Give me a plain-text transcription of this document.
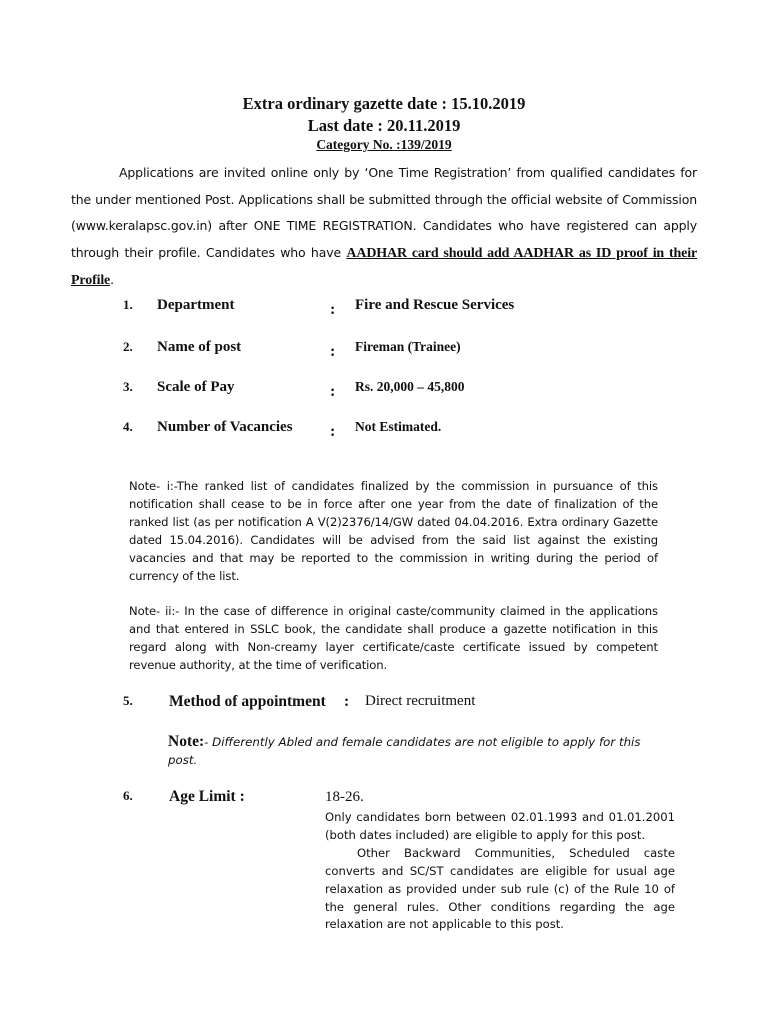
Extra ordinary gazette date : 15.10.2019
Last date : 20.11.2019
Category No. :139/2019
Applications are invited online only by ‘One Time Registration’ from qualified candidates for the under mentioned Post. Applications shall be submitted through the official website of Commission (www.keralapsc.gov.in) after ONE TIME REGISTRATION. Candidates who have registered can apply through their profile. Candidates who have AADHAR card should add AADHAR as ID proof in their Profile.
1. Department	: Fire and Rescue Services
2. Name of post	: Fireman (Trainee)
3. Scale of Pay	: Rs. 20,000 – 45,800
4. Number of Vacancies : Not Estimated.
Note- i:-The ranked list of candidates finalized by the commission in pursuance of this notification shall cease to be in force after one year from the date of finalization of the ranked list (as per notification A V(2)2376/14/GW dated 04.04.2016. Extra ordinary Gazette dated 15.04.2016). Candidates will be advised from the said list against the existing vacancies and that may be reported to the commission in writing during the period of currency of the list.
Note- ii:- In the case of difference in original caste/community claimed in the applications and that entered in SSLC book, the candidate shall produce a gazette notification in this regard along with Non-creamy layer certificate/caste certificate issued by competent revenue authority, at the time of verification.
5. Method of appointment : Direct recruitment
Note:- Differently Abled and female candidates are not eligible to apply for this post.
6. Age Limit :	18-26.

Only candidates born between 02.01.1993 and 01.01.2001 (both dates included) are eligible to apply for this post.

Other Backward Communities, Scheduled caste converts and SC/ST candidates are eligible for usual age relaxation as provided under sub rule (c) of the Rule 10 of the general rules. Other conditions regarding the age relaxation are not applicable to this post.
